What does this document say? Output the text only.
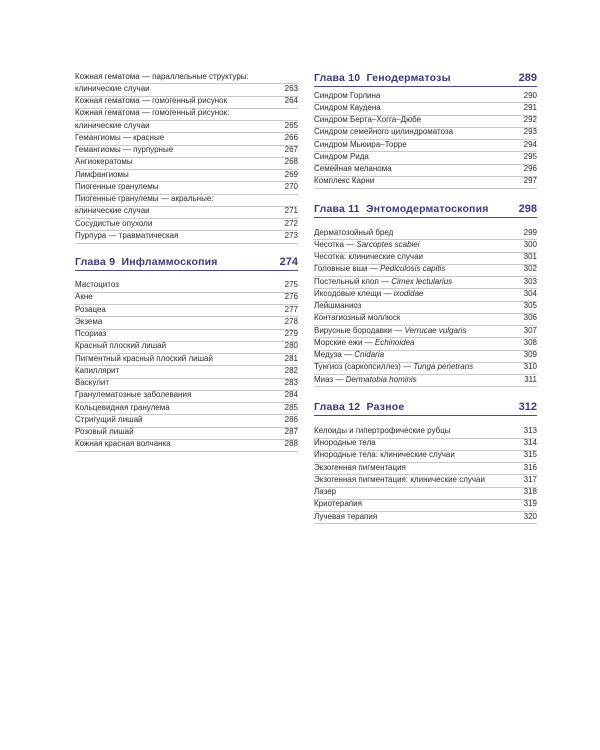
Кожная гематома — параллельные структуры:
клинические случаи	263
Кожная гематома — гомогенный рисунок	264
Кожная гематома — гомогенный рисунок:
клинические случаи	265
Гемангиомы — красные	266
Гемангиомы — пурпурные	267
Ангиокератомы	268
Лимфангиомы	269
Пиогенные гранулемы	270
Пиогенные гранулемы — акральные:
клинические случаи	271
Сосудистые опухоли	272
Пурпура — травматическая	273
Глава 9 Инфламмоскопия	274
Мастоцитоз	275
Акне	276
Розацеа	277
Экзема	278
Псориаз	279
Красный плоский лишай	280
Пигментный красный плоский лишай	281
Капиллярит	282
Васкулит	283
Гранулематозные заболевания	284
Кольцевидная гранулема	285
Стригущий лишай	286
Розовый лишай	287
Кожная красная волчанка	288
Глава 10 Генодерматозы	289
Синдром Горлина	290
Синдром Каудена	291
Синдром Берта–Хогга–Дюбе	292
Синдром семейного цилиндроматоза	293
Синдром Мьюира–Торре	294
Синдром Рида	295
Семейная меланома	296
Комплекс Карни	297
Глава 11 Энтомодерматоскопия	298
Дерматозойный бред	299
Чесотка — Sarcoptes scabiei	300
Чесотка: клинические случаи	301
Головные вши — Pediculosis capitis	302
Постельный клоп — Cimex lectularius	303
Иксодовые клещи — ixodidae	304
Лейшманиоз	305
Контагиозный моллюск	306
Вирусные бородавки — Verrucae vulgaris	307
Морские ежи — Echinoidea	308
Медуза — Cnidaria	309
Тунгиоз (саркопсиллез) — Tunga penetrans	310
Миаз — Dermatobia hominis	311
Глава 12 Разное	312
Келоиды и гипертрофические рубцы	313
Инородные тела	314
Инородные тела: клинические случаи	315
Экзогенная пигментация	316
Экзогенная пигментация: клинические случаи	317
Лазер	318
Криотерапия	319
Лучевая терапия	320
